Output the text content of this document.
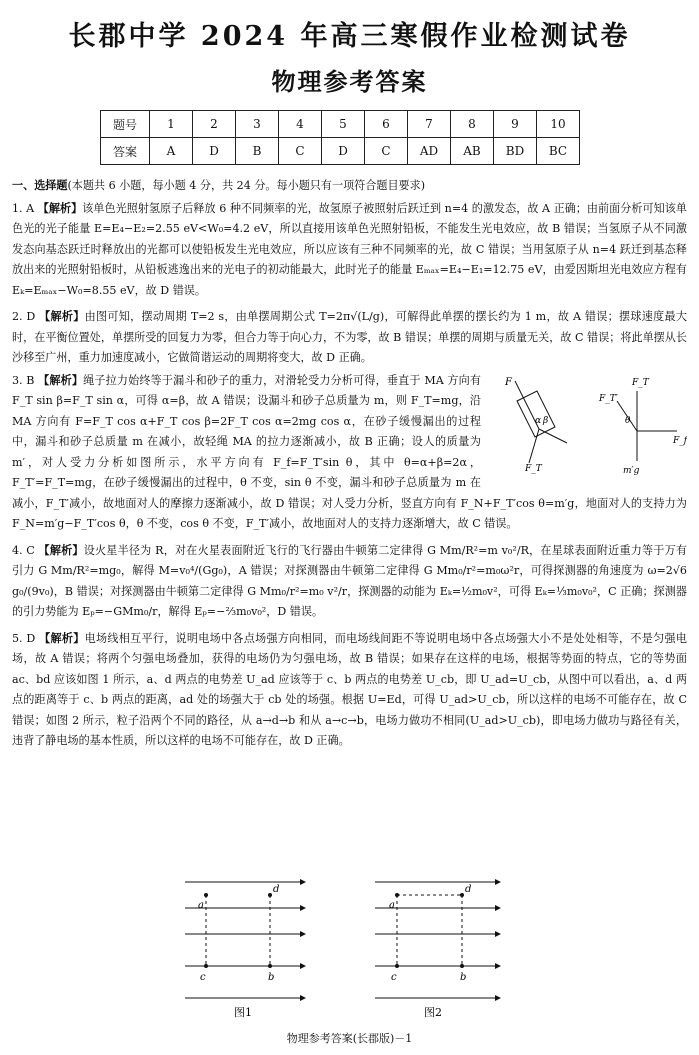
长郡中学 2024 年高三寒假作业检测试卷
物理参考答案
题号	1	2	3	4	5	6	7	8	9	10
答案	A	D	B	C	D	C	AD	AB	BD	BC

一、选择题(本题共 6 小题，每小题 4 分，共 24 分。每小题只有一项符合题目要求)

1. A 【解析】该单色光照射氢原子后释放 6 种不同频率的光，故氢原子被照射后跃迁到 n=4 的激发态，故 A 正确；由前面分析可知该单色光的光子能量 E=E₄−E₂=2.55 eV<W₀=4.2 eV，所以直接用该单色光照射铅板，不能发生光电效应，故 B 错误；当氢原子从不同激发态向基态跃迁时释放出的光都可以使铅板发生光电效应，所以应该有三种不同频率的光，故 C 错误；当用氢原子从 n=4 跃迁到基态释放出来的光照射铅板时，从铅板逃逸出来的光电子的初动能最大，此时光子的能量 Eₘₐₓ=E₄−E₁=12.75 eV，由爱因斯坦光电效应方程有 Eₖ=Eₘₐₓ−W₀=8.55 eV，故 D 错误。

2. D 【解析】由图可知，摆动周期 T=2 s，由单摆周期公式 T=2π√(L/g)，可解得此单摆的摆长约为 1 m，故 A 错误；摆球速度最大时，在平衡位置处，单摆所受的回复力为零，但合力等于向心力，不为零，故 B 错误；单摆的周期与质量无关，故 C 错误；将此单摆从长沙移至广州，重力加速度减小，它做简谐运动的周期将变大，故 D 正确。

F
F_T
α β
F_T
F_T′
θ
F_f
m′g

3. B 【解析】绳子拉力始终等于漏斗和砂子的重力，对滑轮受力分析可得，垂直于 MA 方向有 F_T sin β=F_T sin α，可得 α=β，故 A 错误；设漏斗和砂子总质量为 m，则 F_T=mg，沿 MA 方向有 F=F_T cos α+F_T cos β=2F_T cos α=2mg cos α，在砂子缓慢漏出的过程中，漏斗和砂子总质量 m 在减小，故轻绳 MA 的拉力逐渐减小，故 B 正确；设人的质量为 m′，对人受力分析如图所示，水平方向有 F_f=F_T′sin θ，其中 θ=α+β=2α，F_T′=F_T=mg，在砂子缓慢漏出的过程中，θ 不变，sin θ 不变，漏斗和砂子总质量为 m 在减小，F_T′减小，故地面对人的摩擦力逐渐减小，故 D 错误；对人受力分析，竖直方向有 F_N+F_T′cos θ=m′g，地面对人的支持力为 F_N=m′g−F_T′cos θ，θ 不变，cos θ 不变，F_T′减小，故地面对人的支持力逐渐增大，故 C 错误。

4. C 【解析】设火星半径为 R，对在火星表面附近飞行的飞行器由牛顿第二定律得 G Mm/R²=m v₀²/R，在星球表面附近重力等于万有引力 G Mm/R²=mg₀，解得 M=v₀⁴/(Gg₀)，A 错误；对探测器由牛顿第二定律得 G Mm₀/r²=m₀ω²r，可得探测器的角速度为 ω=2√6 g₀/(9v₀)，B 错误；对探测器由牛顿第二定律得 G Mm₀/r²=m₀ v²/r，探测器的动能为 Eₖ=½m₀v²，可得 Eₖ=⅓m₀v₀²，C 正确；探测器的引力势能为 Eₚ=−GMm₀/r，解得 Eₚ=−⅔m₀v₀²，D 错误。

5. D 【解析】电场线相互平行，说明电场中各点场强方向相同，而电场线间距不等说明电场中各点场强大小不是处处相等，不是匀强电场，故 A 错误；将两个匀强电场叠加，获得的电场仍为匀强电场，故 B 错误；如果存在这样的电场，根据等势面的特点，它的等势面 ac、bd 应该如图 1 所示，a、d 两点的电势差 U_ad 应该等于 c、b 两点的电势差 U_cb，即 U_ad=U_cb，从图中可以看出，a、d 两点的距离等于 c、b 两点的距离，ad 处的场强大于 cb 处的场强。根据 U=Ed，可得 U_ad>U_cb，所以这样的电场不可能存在，故 C 错误；如图 2 所示，粒子沿两个不同的路径，从 a→d→b 和从 a→c→b，电场力做功不相同(U_ad>U_cb)，即电场力做功与路径有关，违背了静电场的基本性质，所以这样的电场不可能存在，故 D 正确。

a
d
c	b
图1
a
d
c	b
图2
物理参考答案(长郡版)－1
